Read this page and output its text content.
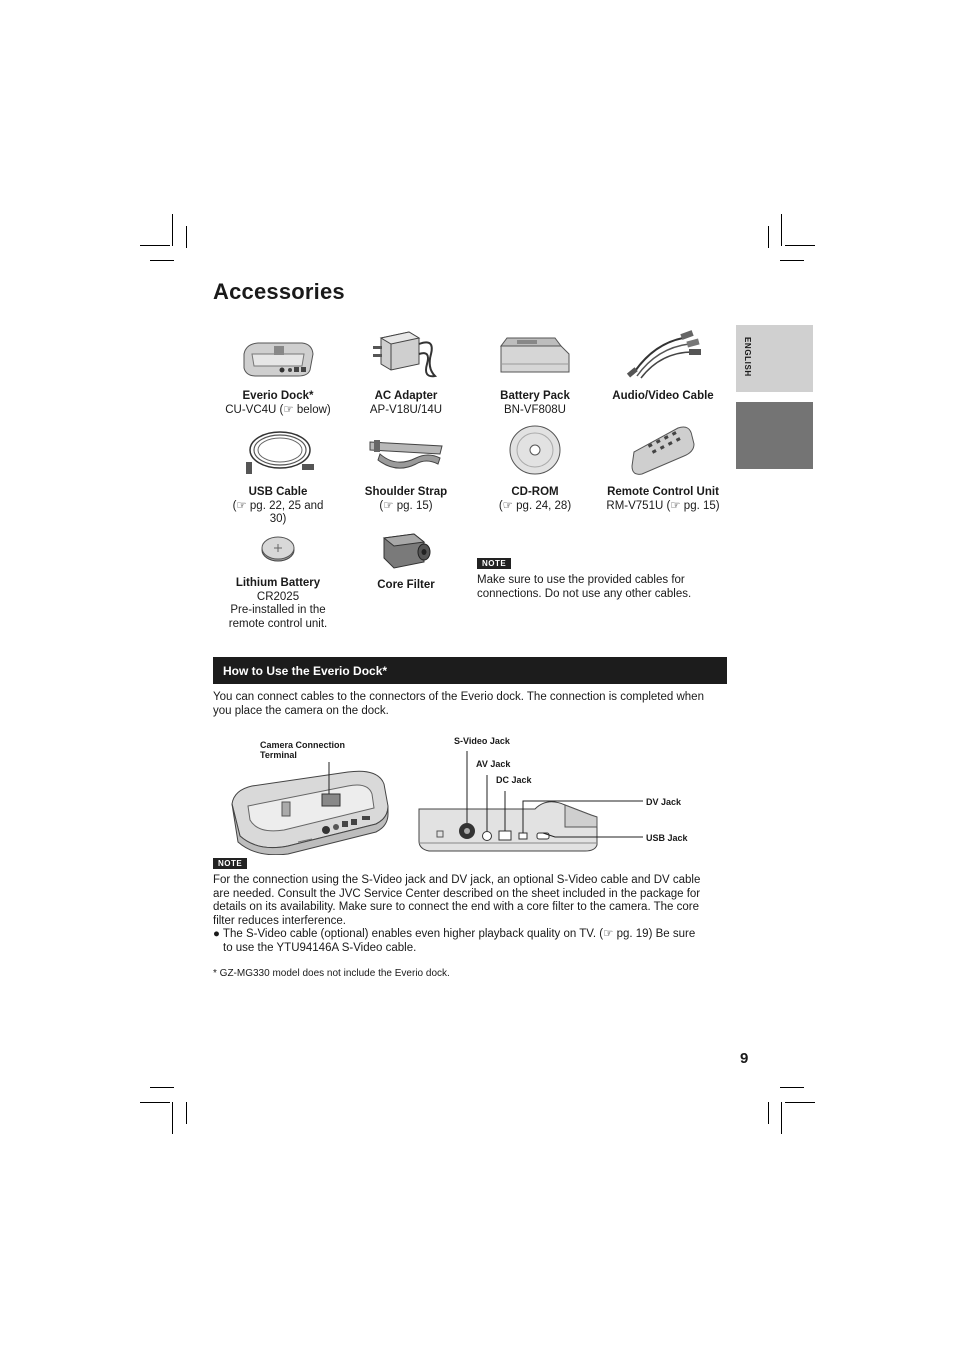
Accessories
ENGLISH
Everio Dock*
CU-VC4U (☞ below)
AC Adapter
AP-V18U/14U
Battery Pack
BN-VF808U
Audio/Video Cable
USB Cable
(☞ pg. 22, 25 and
30)
Shoulder Strap
(☞ pg. 15)
CD-ROM
(☞ pg. 24, 28)
Remote Control Unit
RM-V751U (☞ pg. 15)
Lithium Battery
CR2025
Pre-installed in the
remote control unit.
Core Filter
NOTE
Make sure to use the provided cables for
connections. Do not use any other cables.
How to Use the Everio Dock*
You can connect cables to the connectors of the Everio dock. The connection is completed when
you place the camera on the dock.
Camera Connection
Terminal
S-Video Jack
AV Jack
DC Jack
DV Jack
USB Jack
NOTE
For the connection using the S-Video jack and DV jack, an optional S-Video cable and DV cable
are needed. Consult the JVC Service Center described on the sheet included in the package for
details on its availability. Make sure to connect the end with a core filter to the camera. The core
filter reduces interference.
● The S-Video cable (optional) enables even higher playback quality on TV. (☞ pg. 19) Be sure
to use the YTU94146A S-Video cable.
* GZ-MG330 model does not include the Everio dock.
9
